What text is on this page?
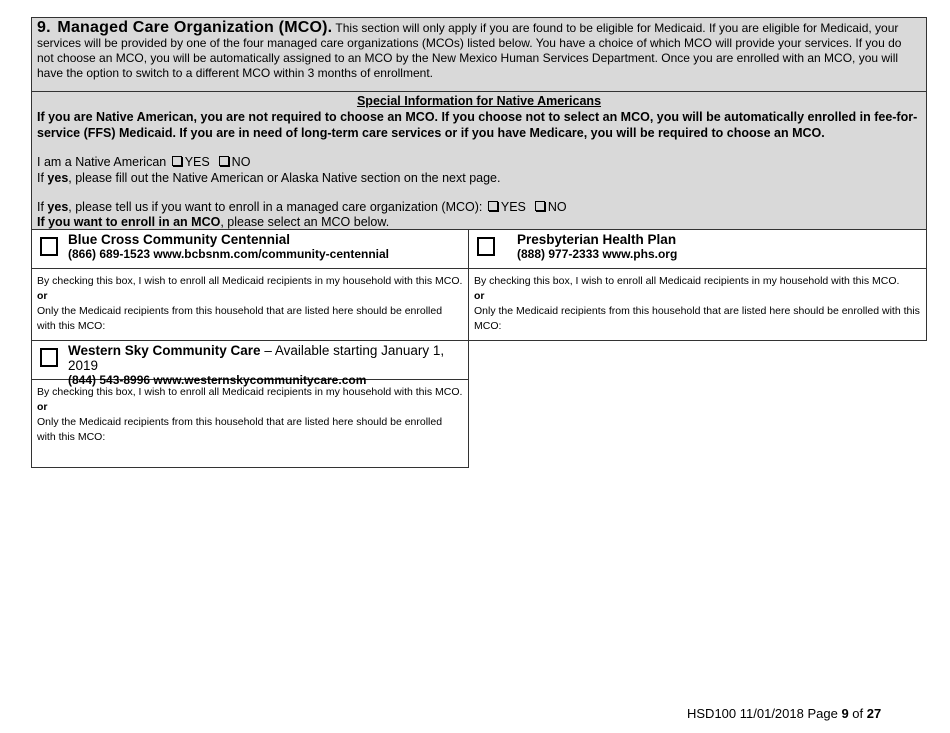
9. Managed Care Organization (MCO). This section will only apply if you are found to be eligible for Medicaid. If you are eligible for Medicaid, your services will be provided by one of the four managed care organizations (MCOs) listed below. You have a choice of which MCO will provide your services. If you do not choose an MCO, you will be automatically assigned to an MCO by the New Mexico Human Services Department. Once you are enrolled with an MCO, you will have the option to switch to a different MCO within 3 months of enrollment.
Special Information for Native Americans
If you are Native American, you are not required to choose an MCO. If you choose not to select an MCO, you will be automatically enrolled in fee-for-service (FFS) Medicaid. If you are in need of long-term care services or if you have Medicare, you will be required to choose an MCO.
I am a Native American YES NO
If yes, please fill out the Native American or Alaska Native section on the next page.
If yes, please tell us if you want to enroll in a managed care organization (MCO): YES NO
If you want to enroll in an MCO, please select an MCO below.
Blue Cross Community Centennial
(866) 689-1523 www.bcbsnm.com/community-centennial
By checking this box, I wish to enroll all Medicaid recipients in my household with this MCO.
or
Only the Medicaid recipients from this household that are listed here should be enrolled with this MCO:
Presbyterian Health Plan
(888) 977-2333 www.phs.org
By checking this box, I wish to enroll all Medicaid recipients in my household with this MCO.
or
Only the Medicaid recipients from this household that are listed here should be enrolled with this MCO:
Western Sky Community Care – Available starting January 1, 2019
(844) 543-8996 www.westernskycommunitycare.com
By checking this box, I wish to enroll all Medicaid recipients in my household with this MCO.
or
Only the Medicaid recipients from this household that are listed here should be enrolled with this MCO:
HSD100 11/01/2018 Page 9 of 27
